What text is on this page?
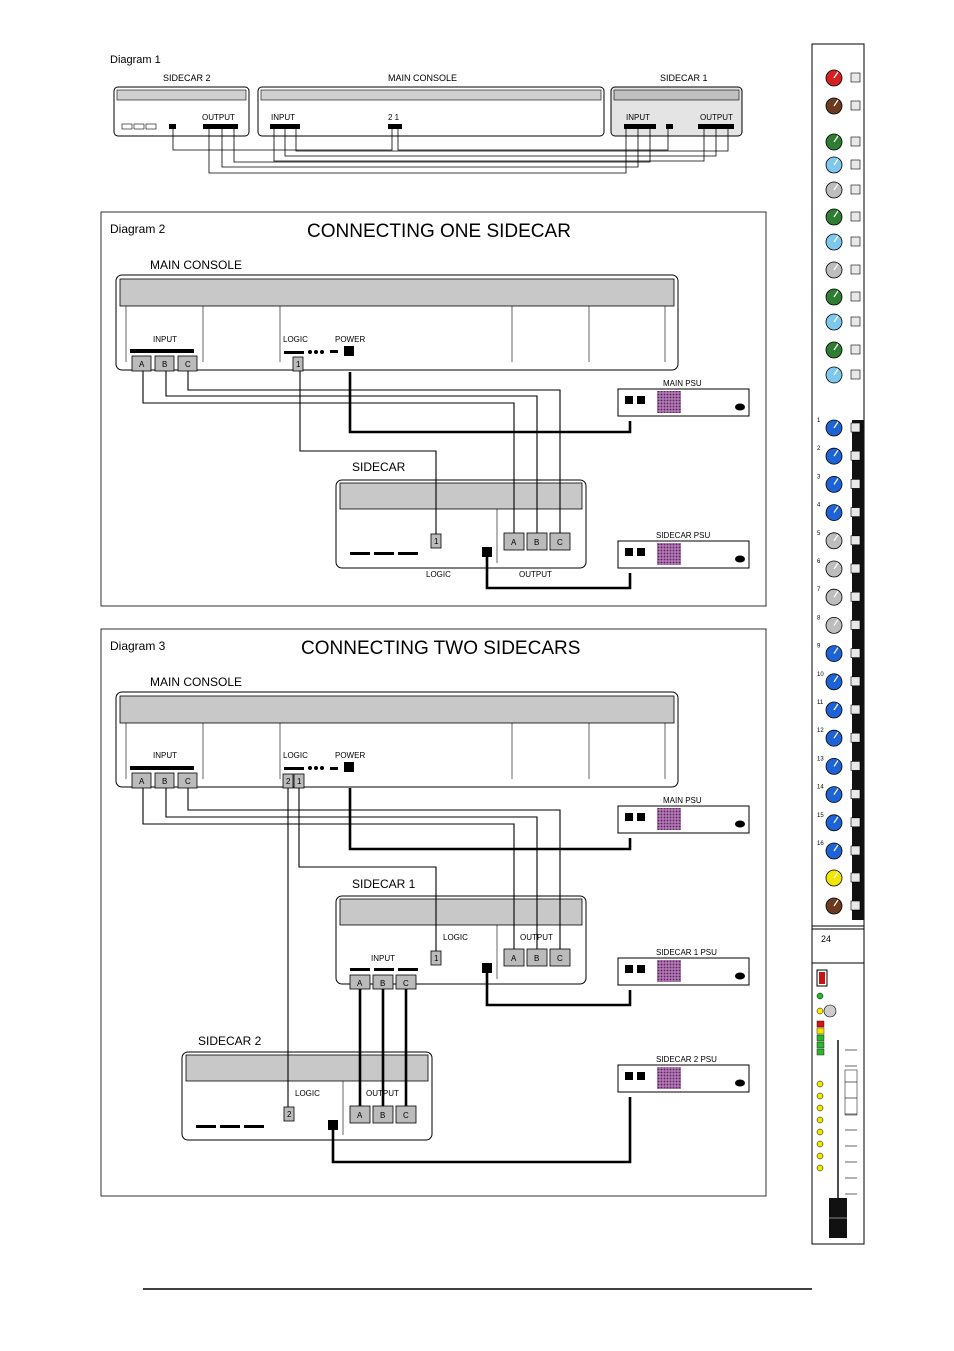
Diagram 1
SIDECAR 2	MAIN CONSOLE	SIDECAR 1
OUTPUT	INPUT	2 1	INPUT	OUTPUT
Diagram 2	CONNECTING ONE SIDECAR
MAIN CONSOLE
INPUT	LOGIC	POWER
A B C	1
MAIN PSU
SIDECAR
1	A B C
LOGIC	OUTPUT
SIDECAR PSU
Diagram 3	CONNECTING TWO SIDECARS
MAIN CONSOLE
INPUT	LOGIC	POWER
A B C	2 1
MAIN PSU
SIDECAR 1
LOGIC	OUTPUT
INPUT
A B C
1	A B C
SIDECAR 1 PSU
SIDECAR 2
LOGIC	OUTPUT
2	A B C
SIDECAR 2 PSU
24
1
2
3
4
5
6
7
8
9
10
11
12
13
14
15
16
